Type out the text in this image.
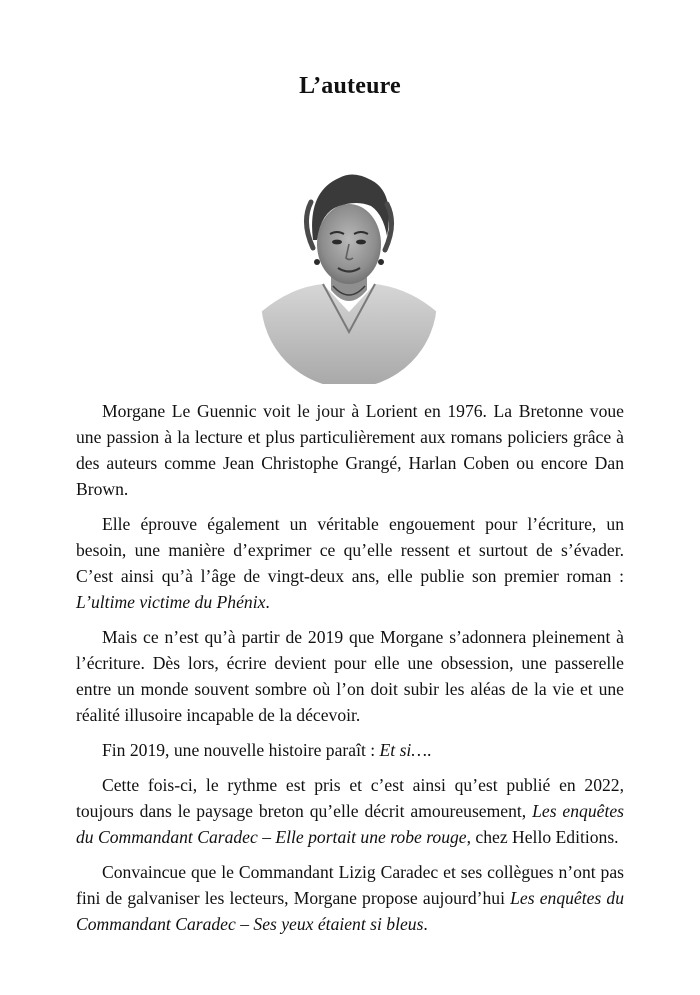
L’auteure

Morgane Le Guennic voit le jour à Lorient en 1976. La Bretonne voue une passion à la lecture et plus particulièrement aux romans policiers grâce à des auteurs comme Jean Christophe Grangé, Harlan Coben ou encore Dan Brown.

Elle éprouve également un véritable engouement pour l’écriture, un besoin, une manière d’exprimer ce qu’elle ressent et surtout de s’évader. C’est ainsi qu’à l’âge de vingt-deux ans, elle publie son premier roman : L’ultime victime du Phénix.

Mais ce n’est qu’à partir de 2019 que Morgane s’adonnera pleinement à l’écriture. Dès lors, écrire devient pour elle une obsession, une passerelle entre un monde souvent sombre où l’on doit subir les aléas de la vie et une réalité illusoire incapable de la décevoir.

Fin 2019, une nouvelle histoire paraît : Et si….

Cette fois-ci, le rythme est pris et c’est ainsi qu’est publié en 2022, toujours dans le paysage breton qu’elle décrit amoureusement, Les enquêtes du Commandant Caradec – Elle portait une robe rouge, chez Hello Editions.

Convaincue que le Commandant Lizig Caradec et ses collègues n’ont pas fini de galvaniser les lecteurs, Morgane propose aujourd’hui Les enquêtes du Commandant Caradec – Ses yeux étaient si bleus.
